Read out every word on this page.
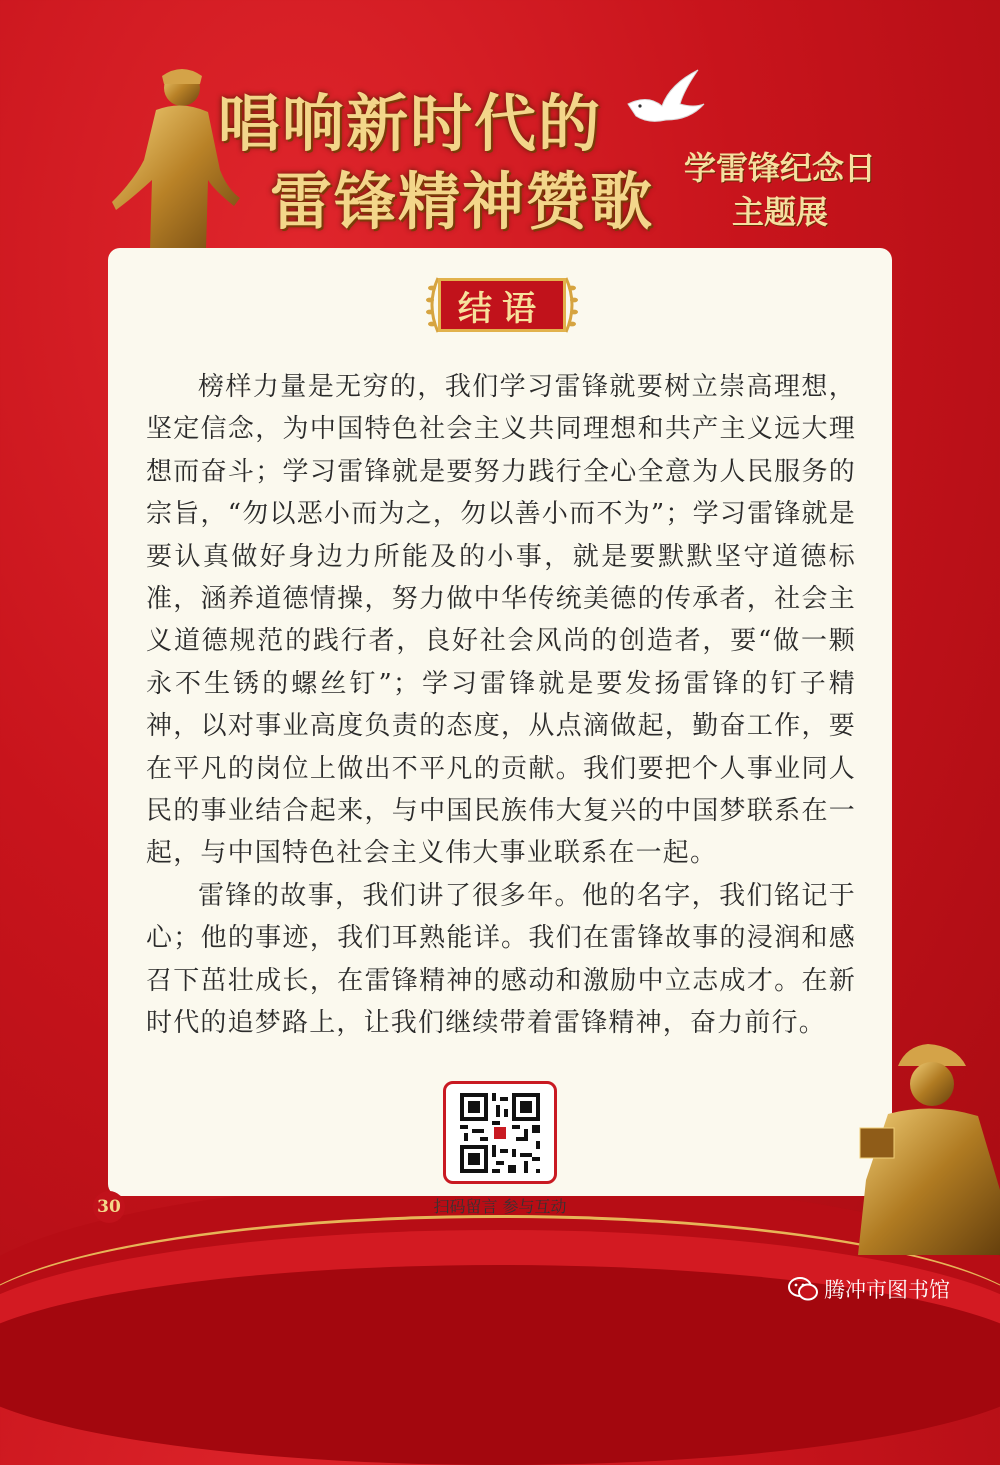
唱响新时代的
雷锋精神赞歌 学雷锋纪念日
主题展
结语

榜样力量是无穷的，我们学习雷锋就要树立崇高理想，坚定信念，为中国特色社会主义共同理想和共产主义远大理想而奋斗；学习雷锋就是要努力践行全心全意为人民服务的宗旨，“勿以恶小而为之，勿以善小而不为”；学习雷锋就是要认真做好身边力所能及的小事，就是要默默坚守道德标准，涵养道德情操，努力做中华传统美德的传承者，社会主义道德规范的践行者，良好社会风尚的创造者，要“做一颗永不生锈的螺丝钉”；学习雷锋就是要发扬雷锋的钉子精神，以对事业高度负责的态度，从点滴做起，勤奋工作，要在平凡的岗位上做出不平凡的贡献。我们要把个人事业同人民的事业结合起来，与中国民族伟大复兴的中国梦联系在一起，与中国特色社会主义伟大事业联系在一起。

雷锋的故事，我们讲了很多年。他的名字，我们铭记于心；他的事迹，我们耳熟能详。我们在雷锋故事的浸润和感召下茁壮成长，在雷锋精神的感动和激励中立志成才。在新时代的追梦路上，让我们继续带着雷锋精神，奋力前行。

扫码留言 参与互动
30
腾冲市图书馆
